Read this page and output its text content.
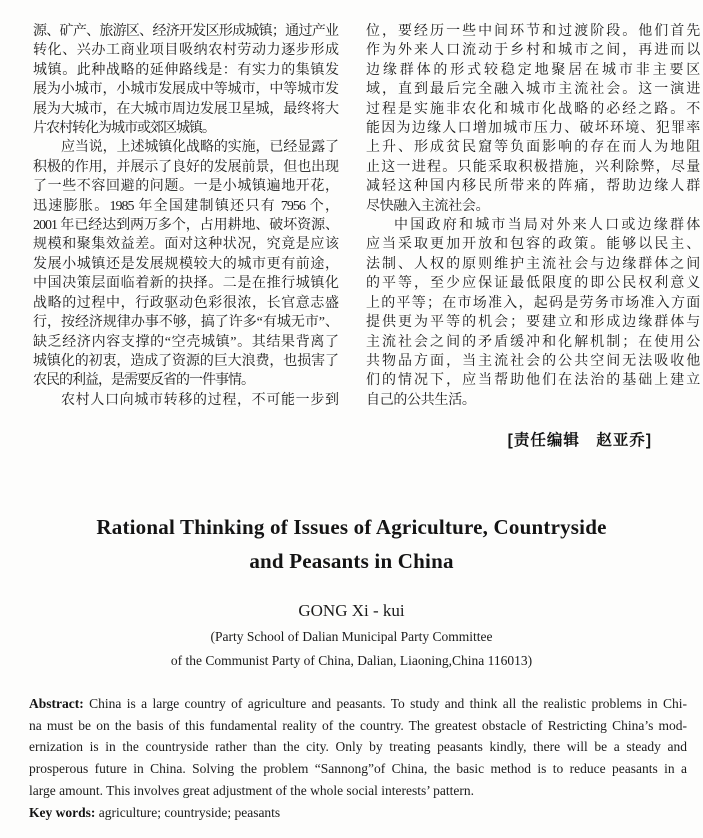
源、矿产、旅游区、经济开发区形成城镇；通过产业
转化、兴办工商业项目吸纳农村劳动力逐步形成
城镇。此种战略的延伸路线是：有实力的集镇发
展为小城市，小城市发展成中等城市，中等城市发
展为大城市，在大城市周边发展卫星城，最终将大
片农村转化为城市或郊区城镇。
应当说，上述城镇化战略的实施，已经显露了
积极的作用，并展示了良好的发展前景，但也出现
了一些不容回避的问题。一是小城镇遍地开花，
迅速膨胀。1985 年全国建制镇还只有 7956 个，
2001 年已经达到两万多个，占用耕地、破坏资源、
规模和聚集效益差。面对这种状况，究竟是应该
发展小城镇还是发展规模较大的城市更有前途，
中国决策层面临着新的抉择。二是在推行城镇化
战略的过程中，行政驱动色彩很浓，长官意志盛
行，按经济规律办事不够，搞了许多“有城无市”、
缺乏经济内容支撑的“空壳城镇”。其结果背离了
城镇化的初衷，造成了资源的巨大浪费，也损害了
农民的利益，是需要反省的一件事情。
农村人口向城市转移的过程，不可能一步到
位，要经历一些中间环节和过渡阶段。他们首先
作为外来人口流动于乡村和城市之间，再进而以
边缘群体的形式较稳定地聚居在城市非主要区
域，直到最后完全融入城市主流社会。这一演进
过程是实施非农化和城市化战略的必经之路。不
能因为边缘人口增加城市压力、破坏环境、犯罪率
上升、形成贫民窟等负面影响的存在而人为地阻
止这一进程。只能采取积极措施，兴利除弊，尽量
减轻这种国内移民所带来的阵痛，帮助边缘人群
尽快融入主流社会。
中国政府和城市当局对外来人口或边缘群体
应当采取更加开放和包容的政策。能够以民主、
法制、人权的原则维护主流社会与边缘群体之间
的平等，至少应保证最低限度的即公民权利意义
上的平等；在市场准入，起码是劳务市场准入方面
提供更为平等的机会；要建立和形成边缘群体与
主流社会之间的矛盾缓冲和化解机制；在使用公
共物品方面，当主流社会的公共空间无法吸收他
们的情况下，应当帮助他们在法治的基础上建立
自己的公共生活。
[责任编辑　赵亚乔]
Rational Thinking of Issues of Agriculture, Countryside
and Peasants in China
GONG Xi - kui
(Party School of Dalian Municipal Party Committee
of the Communist Party of China, Dalian, Liaoning,China 116013)
Abstract: China is a large country of agriculture and peasants. To study and think all the realistic problems in Chi-
na must be on the basis of this fundamental reality of the country. The greatest obstacle of Restricting China’s mod-
ernization is in the countryside rather than the city. Only by treating peasants kindly, there will be a steady and
prosperous future in China. Solving the problem “Sannong”of China, the basic method is to reduce peasants in a
large amount. This involves great adjustment of the whole social interests’ pattern.
Key words: agriculture; countryside; peasants
